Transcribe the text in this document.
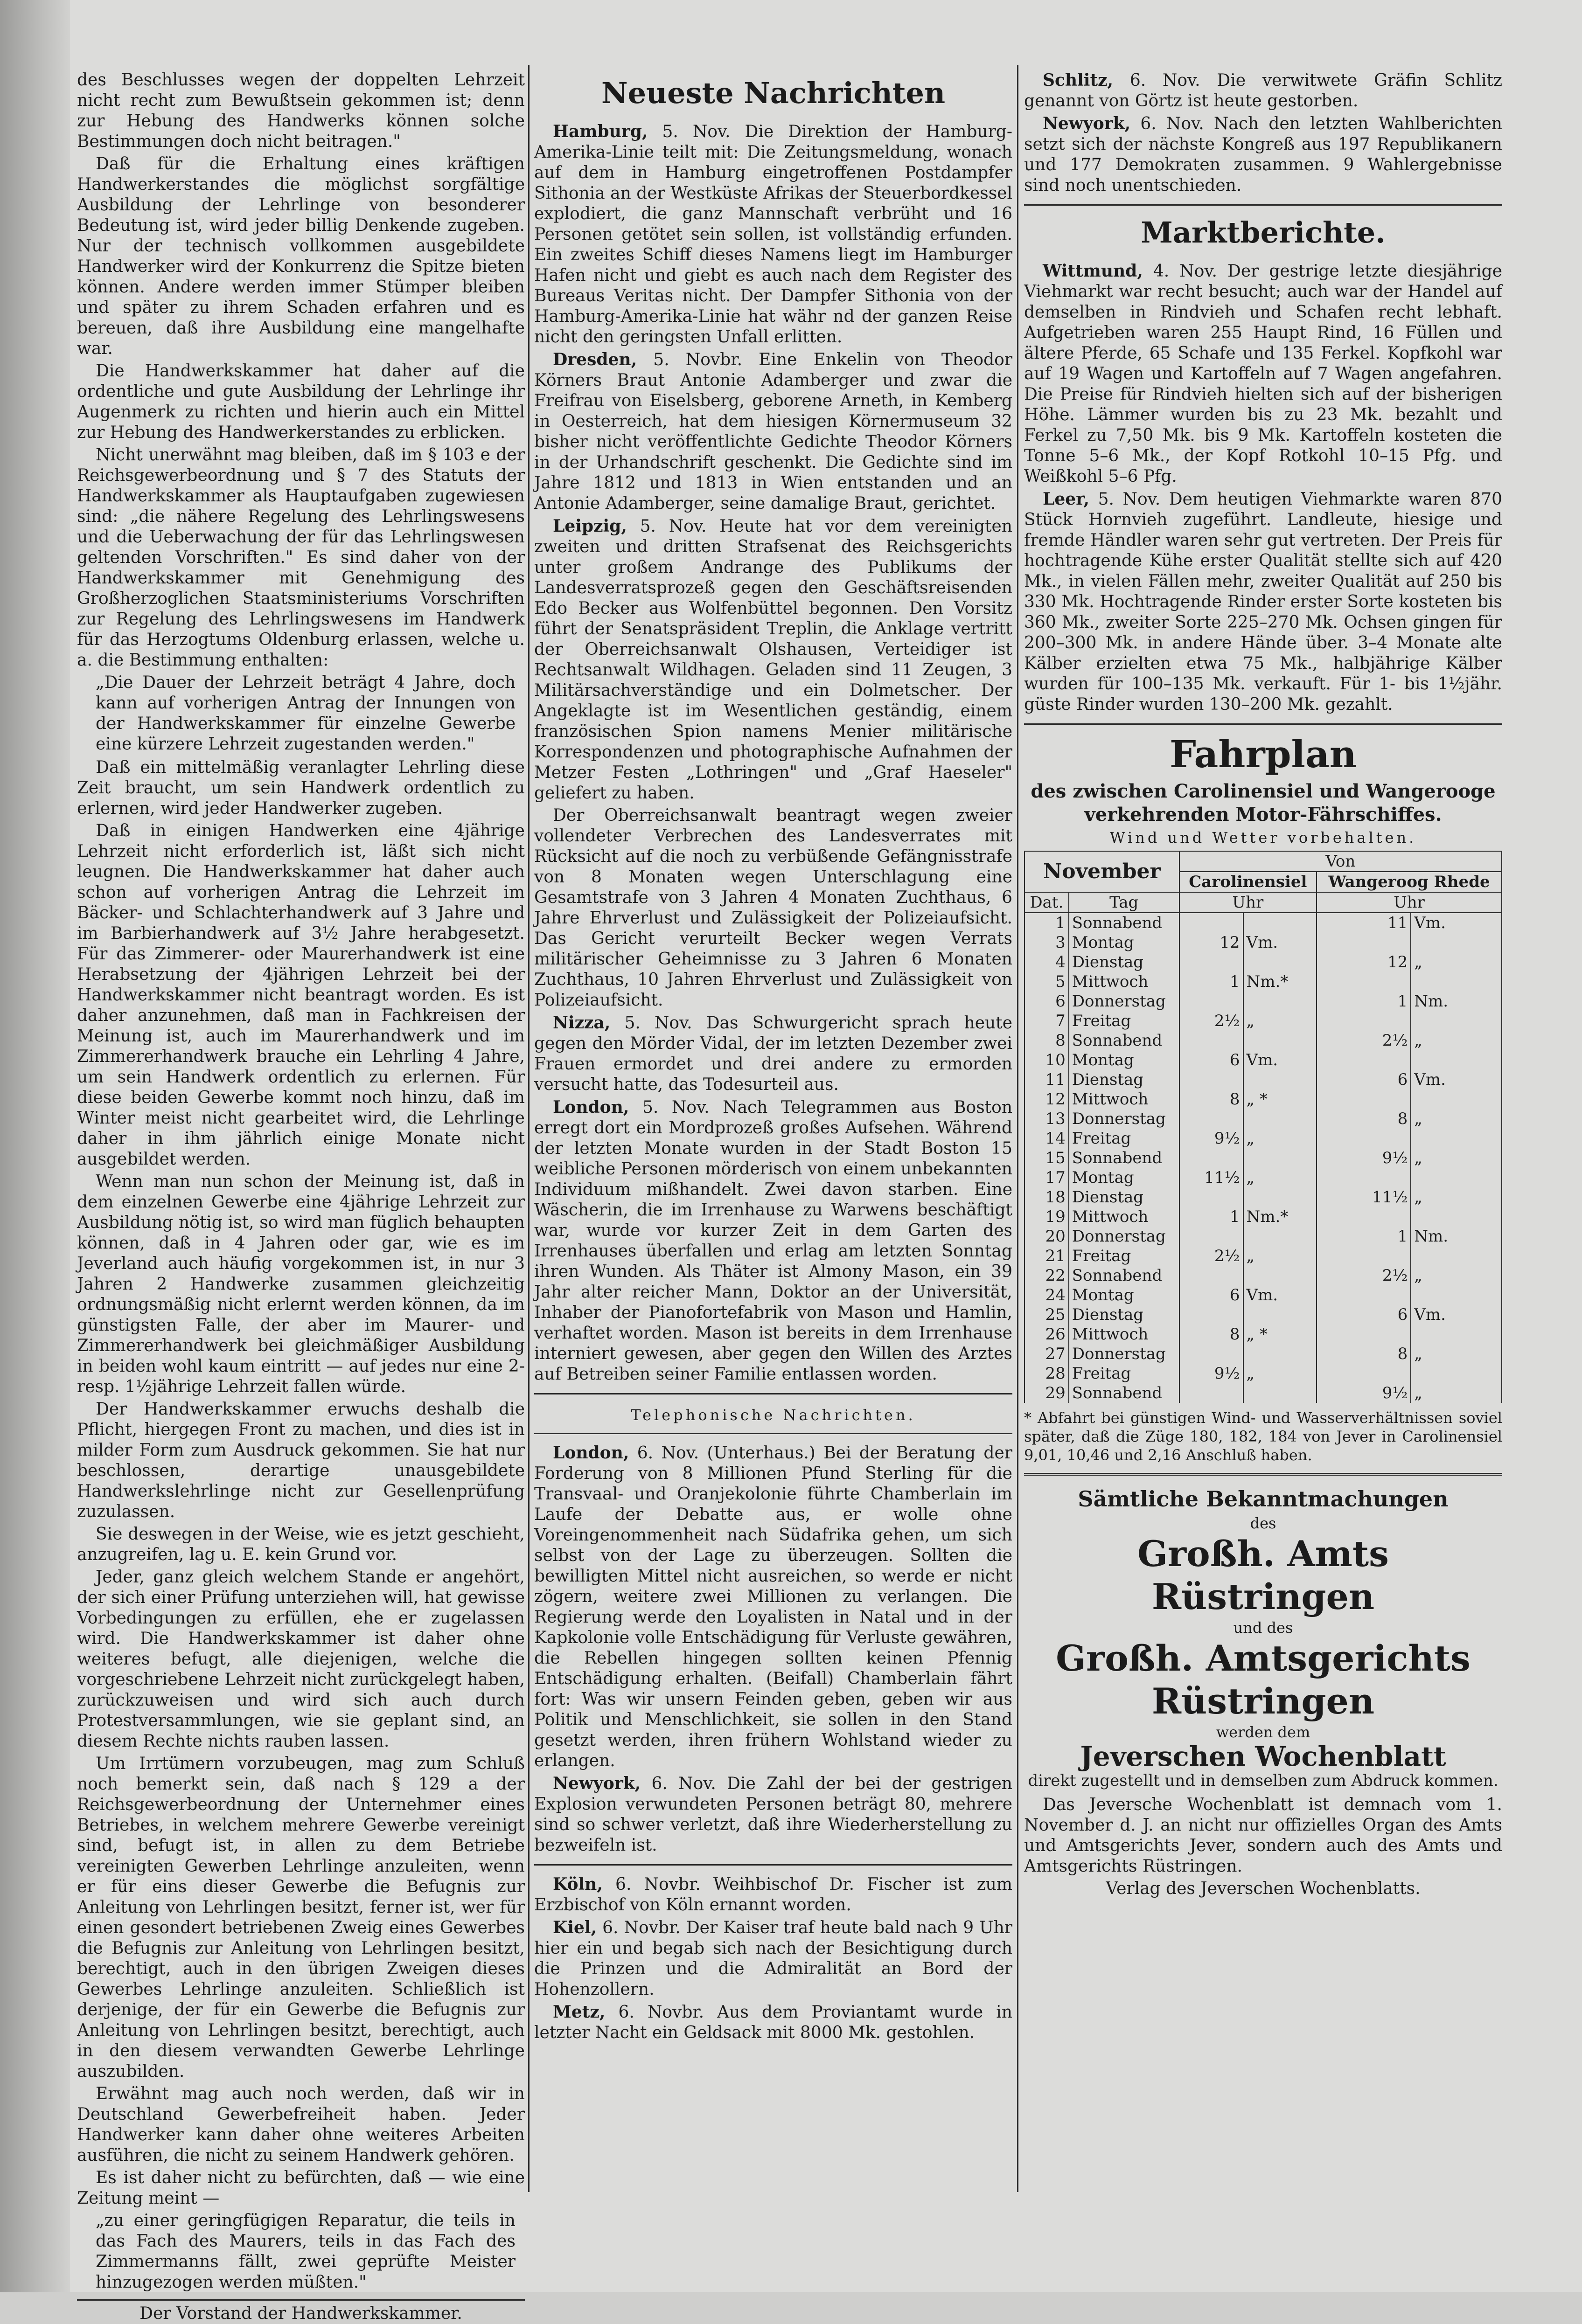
des Beschlusses wegen der doppelten Lehrzeit nicht recht zum Bewußtsein gekommen ist; denn zur Hebung des Handwerks können solche Bestimmungen doch nicht beitragen."

Daß für die Erhaltung eines kräftigen Handwerkerstandes die möglichst sorgfältige Ausbildung der Lehrlinge von besonderer Bedeutung ist, wird jeder billig Denkende zugeben. Nur der technisch vollkommen ausgebildete Handwerker wird der Konkurrenz die Spitze bieten können. Andere werden immer Stümper bleiben und später zu ihrem Schaden erfahren und es bereuen, daß ihre Ausbildung eine mangelhafte war.

Die Handwerkskammer hat daher auf die ordentliche und gute Ausbildung der Lehrlinge ihr Augenmerk zu richten und hierin auch ein Mittel zur Hebung des Handwerkerstandes zu erblicken.

Nicht unerwähnt mag bleiben, daß im § 103 e der Reichsgewerbeordnung und § 7 des Statuts der Handwerkskammer als Hauptaufgaben zugewiesen sind: „die nähere Regelung des Lehrlingswesens und die Ueberwachung der für das Lehrlingswesen geltenden Vorschriften." Es sind daher von der Handwerkskammer mit Genehmigung des Großherzoglichen Staatsministeriums Vorschriften zur Regelung des Lehrlingswesens im Handwerk für das Herzogtums Oldenburg erlassen, welche u. a. die Bestimmung enthalten:

„Die Dauer der Lehrzeit beträgt 4 Jahre, doch kann auf vorherigen Antrag der Innungen von der Handwerkskammer für einzelne Gewerbe eine kürzere Lehrzeit zugestanden werden."

Daß ein mittelmäßig veranlagter Lehrling diese Zeit braucht, um sein Handwerk ordentlich zu erlernen, wird jeder Handwerker zugeben.

Daß in einigen Handwerken eine 4jährige Lehrzeit nicht erforderlich ist, läßt sich nicht leugnen. Die Handwerkskammer hat daher auch schon auf vorherigen Antrag die Lehrzeit im Bäcker- und Schlachterhandwerk auf 3 Jahre und im Barbierhandwerk auf 3½ Jahre herabgesetzt. Für das Zimmerer- oder Maurerhandwerk ist eine Herabsetzung der 4jährigen Lehrzeit bei der Handwerkskammer nicht beantragt worden. Es ist daher anzunehmen, daß man in Fachkreisen der Meinung ist, auch im Maurerhandwerk und im Zimmererhandwerk brauche ein Lehrling 4 Jahre, um sein Handwerk ordentlich zu erlernen. Für diese beiden Gewerbe kommt noch hinzu, daß im Winter meist nicht gearbeitet wird, die Lehrlinge daher in ihm jährlich einige Monate nicht ausgebildet werden.

Wenn man nun schon der Meinung ist, daß in dem einzelnen Gewerbe eine 4jährige Lehrzeit zur Ausbildung nötig ist, so wird man füglich behaupten können, daß in 4 Jahren oder gar, wie es im Jeverland auch häufig vorgekommen ist, in nur 3 Jahren 2 Handwerke zusammen gleichzeitig ordnungsmäßig nicht erlernt werden können, da im günstigsten Falle, der aber im Maurer- und Zimmererhandwerk bei gleichmäßiger Ausbildung in beiden wohl kaum eintritt — auf jedes nur eine 2- resp. 1½jährige Lehrzeit fallen würde.

Der Handwerkskammer erwuchs deshalb die Pflicht, hiergegen Front zu machen, und dies ist in milder Form zum Ausdruck gekommen. Sie hat nur beschlossen, derartige unausgebildete Handwerkslehrlinge nicht zur Gesellenprüfung zuzulassen.

Sie deswegen in der Weise, wie es jetzt geschieht, anzugreifen, lag u. E. kein Grund vor.

Jeder, ganz gleich welchem Stande er angehört, der sich einer Prüfung unterziehen will, hat gewisse Vorbedingungen zu erfüllen, ehe er zugelassen wird. Die Handwerkskammer ist daher ohne weiteres befugt, alle diejenigen, welche die vorgeschriebene Lehrzeit nicht zurückgelegt haben, zurückzuweisen und wird sich auch durch Protestversammlungen, wie sie geplant sind, an diesem Rechte nichts rauben lassen.

Um Irrtümern vorzubeugen, mag zum Schluß noch bemerkt sein, daß nach § 129 a der Reichsgewerbeordnung der Unternehmer eines Betriebes, in welchem mehrere Gewerbe vereinigt sind, befugt ist, in allen zu dem Betriebe vereinigten Gewerben Lehrlinge anzuleiten, wenn er für eins dieser Gewerbe die Befugnis zur Anleitung von Lehrlingen besitzt, ferner ist, wer für einen gesondert betriebenen Zweig eines Gewerbes die Befugnis zur Anleitung von Lehrlingen besitzt, berechtigt, auch in den übrigen Zweigen dieses Gewerbes Lehrlinge anzuleiten. Schließlich ist derjenige, der für ein Gewerbe die Befugnis zur Anleitung von Lehrlingen besitzt, berechtigt, auch in den diesem verwandten Gewerbe Lehrlinge auszubilden.

Erwähnt mag auch noch werden, daß wir in Deutschland Gewerbefreiheit haben. Jeder Handwerker kann daher ohne weiteres Arbeiten ausführen, die nicht zu seinem Handwerk gehören.

Es ist daher nicht zu befürchten, daß — wie eine Zeitung meint —

„zu einer geringfügigen Reparatur, die teils in das Fach des Maurers, teils in das Fach des Zimmermanns fällt, zwei geprüfte Meister hinzugezogen werden müßten."

Der Vorstand der Handwerkskammer.

Neueste Nachrichten

Hamburg, 5. Nov. Die Direktion der Hamburg-Amerika-Linie teilt mit: Die Zeitungsmeldung, wonach auf dem in Hamburg eingetroffenen Postdampfer Sithonia an der Westküste Afrikas der Steuerbordkessel explodiert, die ganz Mannschaft verbrüht und 16 Personen getötet sein sollen, ist vollständig erfunden. Ein zweites Schiff dieses Namens liegt im Hamburger Hafen nicht und giebt es auch nach dem Register des Bureaus Veritas nicht. Der Dampfer Sithonia von der Hamburg-Amerika-Linie hat währ nd der ganzen Reise nicht den geringsten Unfall erlitten.

Dresden, 5. Novbr. Eine Enkelin von Theodor Körners Braut Antonie Adamberger und zwar die Freifrau von Eiselsberg, geborene Arneth, in Kemberg in Oesterreich, hat dem hiesigen Körnermuseum 32 bisher nicht veröffentlichte Gedichte Theodor Körners in der Urhandschrift geschenkt. Die Gedichte sind im Jahre 1812 und 1813 in Wien entstanden und an Antonie Adamberger, seine damalige Braut, gerichtet.

Leipzig, 5. Nov. Heute hat vor dem vereinigten zweiten und dritten Strafsenat des Reichsgerichts unter großem Andrange des Publikums der Landesverratsprozeß gegen den Geschäftsreisenden Edo Becker aus Wolfenbüttel begonnen. Den Vorsitz führt der Senatspräsident Treplin, die Anklage vertritt der Oberreichsanwalt Olshausen, Verteidiger ist Rechtsanwalt Wildhagen. Geladen sind 11 Zeugen, 3 Militärsachverständige und ein Dolmetscher. Der Angeklagte ist im Wesentlichen geständig, einem französischen Spion namens Menier militärische Korrespondenzen und photographische Aufnahmen der Metzer Festen „Lothringen" und „Graf Haeseler" geliefert zu haben.

Der Oberreichsanwalt beantragt wegen zweier vollendeter Verbrechen des Landesverrates mit Rücksicht auf die noch zu verbüßende Gefängnisstrafe von 8 Monaten wegen Unterschlagung eine Gesamtstrafe von 3 Jahren 4 Monaten Zuchthaus, 6 Jahre Ehrverlust und Zulässigkeit der Polizeiaufsicht. Das Gericht verurteilt Becker wegen Verrats militärischer Geheimnisse zu 3 Jahren 6 Monaten Zuchthaus, 10 Jahren Ehrverlust und Zulässigkeit von Polizeiaufsicht.

Nizza, 5. Nov. Das Schwurgericht sprach heute gegen den Mörder Vidal, der im letzten Dezember zwei Frauen ermordet und drei andere zu ermorden versucht hatte, das Todesurteil aus.

London, 5. Nov. Nach Telegrammen aus Boston erregt dort ein Mordprozeß großes Aufsehen. Während der letzten Monate wurden in der Stadt Boston 15 weibliche Personen mörderisch von einem unbekannten Individuum mißhandelt. Zwei davon starben. Eine Wäscherin, die im Irrenhause zu Warwens beschäftigt war, wurde vor kurzer Zeit in dem Garten des Irrenhauses überfallen und erlag am letzten Sonntag ihren Wunden. Als Thäter ist Almony Mason, ein 39 Jahr alter reicher Mann, Doktor an der Universität, Inhaber der Pianofortefabrik von Mason und Hamlin, verhaftet worden. Mason ist bereits in dem Irrenhause interniert gewesen, aber gegen den Willen des Arztes auf Betreiben seiner Familie entlassen worden.

Telephonische Nachrichten.

London, 6. Nov. (Unterhaus.) Bei der Beratung der Forderung von 8 Millionen Pfund Sterling für die Transvaal- und Oranjekolonie führte Chamberlain im Laufe der Debatte aus, er wolle ohne Voreingenommenheit nach Südafrika gehen, um sich selbst von der Lage zu überzeugen. Sollten die bewilligten Mittel nicht ausreichen, so werde er nicht zögern, weitere zwei Millionen zu verlangen. Die Regierung werde den Loyalisten in Natal und in der Kapkolonie volle Entschädigung für Verluste gewähren, die Rebellen hingegen sollten keinen Pfennig Entschädigung erhalten. (Beifall) Chamberlain fährt fort: Was wir unsern Feinden geben, geben wir aus Politik und Menschlichkeit, sie sollen in den Stand gesetzt werden, ihren frühern Wohlstand wieder zu erlangen.

Newyork, 6. Nov. Die Zahl der bei der gestrigen Explosion verwundeten Personen beträgt 80, mehrere sind so schwer verletzt, daß ihre Wiederherstellung zu bezweifeln ist.

Köln, 6. Novbr. Weihbischof Dr. Fischer ist zum Erzbischof von Köln ernannt worden.

Kiel, 6. Novbr. Der Kaiser traf heute bald nach 9 Uhr hier ein und begab sich nach der Besichtigung durch die Prinzen und die Admiralität an Bord der Hohenzollern.

Metz, 6. Novbr. Aus dem Proviantamt wurde in letzter Nacht ein Geldsack mit 8000 Mk. gestohlen.

Schlitz, 6. Nov. Die verwitwete Gräfin Schlitz genannt von Görtz ist heute gestorben.

Newyork, 6. Nov. Nach den letzten Wahlberichten setzt sich der nächste Kongreß aus 197 Republikanern und 177 Demokraten zusammen. 9 Wahlergebnisse sind noch unentschieden.

Marktberichte.

Wittmund, 4. Nov. Der gestrige letzte diesjährige Viehmarkt war recht besucht; auch war der Handel auf demselben in Rindvieh und Schafen recht lebhaft. Aufgetrieben waren 255 Haupt Rind, 16 Füllen und ältere Pferde, 65 Schafe und 135 Ferkel. Kopfkohl war auf 19 Wagen und Kartoffeln auf 7 Wagen angefahren. Die Preise für Rindvieh hielten sich auf der bisherigen Höhe. Lämmer wurden bis zu 23 Mk. bezahlt und Ferkel zu 7,50 Mk. bis 9 Mk. Kartoffeln kosteten die Tonne 5–6 Mk., der Kopf Rotkohl 10–15 Pfg. und Weißkohl 5–6 Pfg.

Leer, 5. Nov. Dem heutigen Viehmarkte waren 870 Stück Hornvieh zugeführt. Landleute, hiesige und fremde Händler waren sehr gut vertreten. Der Preis für hochtragende Kühe erster Qualität stellte sich auf 420 Mk., in vielen Fällen mehr, zweiter Qualität auf 250 bis 330 Mk. Hochtragende Rinder erster Sorte kosteten bis 360 Mk., zweiter Sorte 225–270 Mk. Ochsen gingen für 200–300 Mk. in andere Hände über. 3–4 Monate alte Kälber erzielten etwa 75 Mk., halbjährige Kälber wurden für 100–135 Mk. verkauft. Für 1- bis 1½jähr. güste Rinder wurden 130–200 Mk. gezahlt.

Fahrplan
des zwischen Carolinensiel und Wangerooge
verkehrenden Motor-Fährschiffes.
Wind und Wetter vorbehalten.
November		Von			
		Carolinensiel		Wangeroog Rhede	
Dat.	Tag	Uhr		Uhr	
1	Sonnabend			11	Vm.
3	Montag	12	Vm.		
4	Dienstag			12	„
5	Mittwoch	1	Nm.*		
6	Donnerstag			1	Nm.
7	Freitag	2½	„		
8	Sonnabend			2½	„
10	Montag	6	Vm.		
11	Dienstag			6	Vm.
12	Mittwoch	8	„ *		
13	Donnerstag			8	„
14	Freitag	9½	„		
15	Sonnabend			9½	„
17	Montag	11½	„		
18	Dienstag			11½	„
19	Mittwoch	1	Nm.*		
20	Donnerstag			1	Nm.
21	Freitag	2½	„		
22	Sonnabend			2½	„
24	Montag	6	Vm.		
25	Dienstag			6	Vm.
26	Mittwoch	8	„ *		
27	Donnerstag			8	„
28	Freitag	9½	„		
29	Sonnabend			9½	„

* Abfahrt bei günstigen Wind- und Wasserverhältnissen soviel später, daß die Züge 180, 182, 184 von Jever in Carolinensiel 9,01, 10,46 und 2,16 Anschluß haben.

Sämtliche Bekanntmachungen
des
Großh. Amts Rüstringen
und des
Großh. Amtsgerichts Rüstringen
werden dem
Jeverschen Wochenblatt
direkt zugestellt und in demselben zum Abdruck kommen.

Das Jeversche Wochenblatt ist demnach vom 1. November d. J. an nicht nur offizielles Organ des Amts und Amtsgerichts Jever, sondern auch des Amts und Amtsgerichts Rüstringen.

Verlag des Jeverschen Wochenblatts.
